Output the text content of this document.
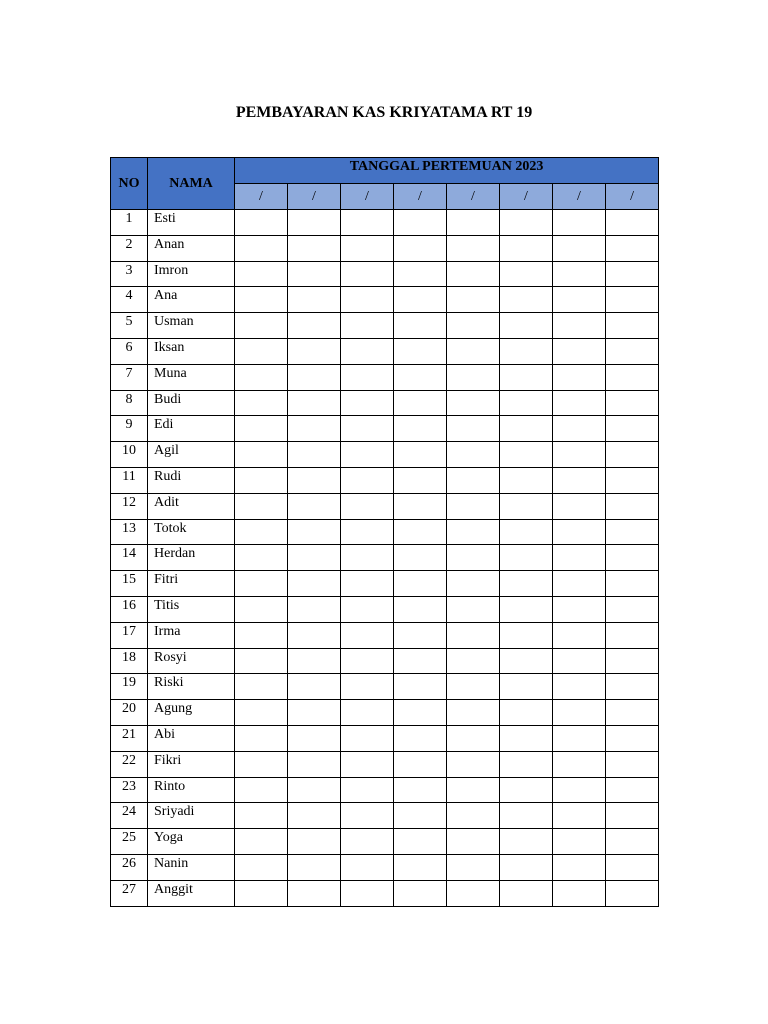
PEMBAYARAN KAS KRIYATAMA RT 19
NO	NAMA	TANGGAL PERTEMUAN 2023							
		/	/	/	/	/	/	/	/
1	Esti								
2	Anan								
3	Imron								
4	Ana								
5	Usman								
6	Iksan								
7	Muna								
8	Budi								
9	Edi								
10	Agil								
11	Rudi								
12	Adit								
13	Totok								
14	Herdan								
15	Fitri								
16	Titis								
17	Irma								
18	Rosyi								
19	Riski								
20	Agung								
21	Abi								
22	Fikri								
23	Rinto								
24	Sriyadi								
25	Yoga								
26	Nanin								
27	Anggit								
